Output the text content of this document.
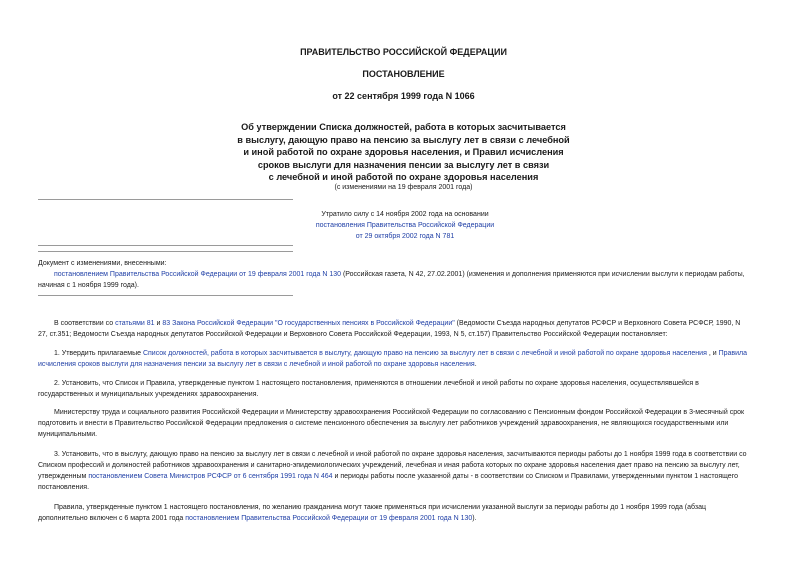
ПРАВИТЕЛЬСТВО РОССИЙСКОЙ ФЕДЕРАЦИИ
ПОСТАНОВЛЕНИЕ
от 22 сентября 1999 года N 1066
Об утверждении Списка должностей, работа в которых засчитывается
в выслугу, дающую право на пенсию за выслугу лет в связи с лечебной
и иной работой по охране здоровья населения, и Правил исчисления
сроков выслуги для назначения пенсии за выслугу лет в связи
с лечебной и иной работой по охране здоровья населения
(с изменениями на 19 февраля 2001 года)
Утратило силу с 14 ноября 2002 года на основании
постановления Правительства Российской Федерации
от 29 октября 2002 года N 781
Документ с изменениями, внесенными:
постановлением Правительства Российской Федерации от 19 февраля 2001 года N 130 (Российская газета, N 42, 27.02.2001) (изменения и дополнения применяются при исчислении выслуги к периодам работы,
начиная с 1 ноября 1999 года).
В соответствии со статьями 81 и 83 Закона Российской Федерации "О государственных пенсиях в Российской Федерации" (Ведомости Съезда народных депутатов РСФСР и Верховного Совета РСФСР, 1990, N
27, ст.351; Ведомости Съезда народных депутатов Российской Федерации и Верховного Совета Российской Федерации, 1993, N 5, ст.157) Правительство Российской Федерации постановляет:
1. Утвердить прилагаемые Список должностей, работа в которых засчитывается в выслугу, дающую право на пенсию за выслугу лет в связи с лечебной и иной работой по охране здоровья населения , и Правила
исчисления сроков выслуги для назначения пенсии за выслугу лет в связи с лечебной и иной работой по охране здоровья населения.
2. Установить, что Список и Правила, утвержденные пунктом 1 настоящего постановления, применяются в отношении лечебной и иной работы по охране здоровья населения, осуществлявшейся в
государственных и муниципальных учреждениях здравоохранения.
Министерству труда и социального развития Российской Федерации и Министерству здравоохранения Российской Федерации по согласованию с Пенсионным фондом Российской Федерации в 3-месячный срок
подготовить и внести в Правительство Российской Федерации предложения о системе пенсионного обеспечения за выслугу лет работников учреждений здравоохранения, не являющихся государственными или
муниципальными.
3. Установить, что в выслугу, дающую право на пенсию за выслугу лет в связи с лечебной и иной работой по охране здоровья населения, засчитываются периоды работы до 1 ноября 1999 года в соответствии со
Списком профессий и должностей работников здравоохранения и санитарно-эпидемиологических учреждений, лечебная и иная работа которых по охране здоровья населения дает право на пенсию за выслугу лет,
утвержденным постановлением Совета Министров РСФСР от 6 сентября 1991 года N 464 и периоды работы после указанной даты - в соответствии со Списком и Правилами, утвержденными пунктом 1 настоящего
постановления.
Правила, утвержденные пунктом 1 настоящего постановления, по желанию гражданина могут также применяться при исчислении указанной выслуги за периоды работы до 1 ноября 1999 года (абзац
дополнительно включен с 6 марта 2001 года постановлением Правительства Российской Федерации от 19 февраля 2001 года N 130).
